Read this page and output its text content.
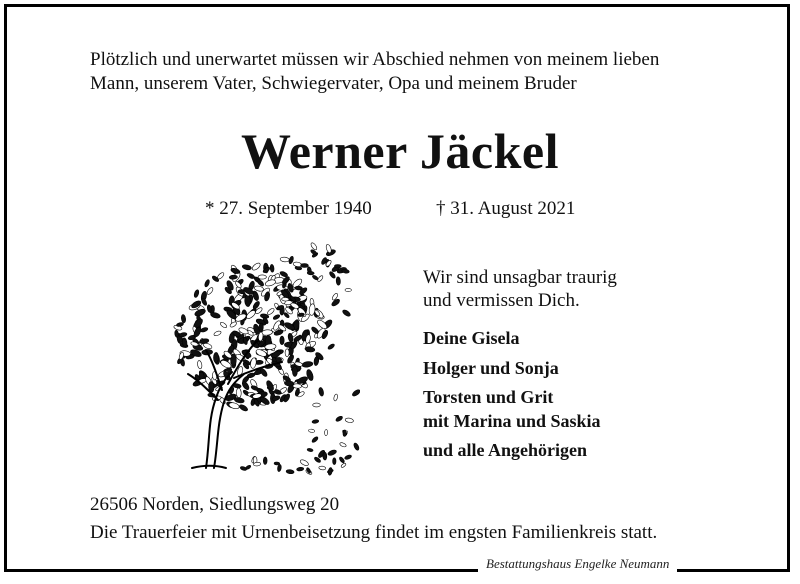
Plötzlich und unerwartet müssen wir Abschied nehmen von meinem lieben
Mann, unserem Vater, Schwiegervater, Opa und meinem Bruder
Werner Jäckel
* 27. September 1940	† 31. August 2021
Wir sind unsagbar traurig
und vermissen Dich.
Deine Gisela
Holger und Sonja
Torsten und Grit
mit Marina und Saskia
und alle Angehörigen
26506 Norden, Siedlungsweg 20
Die Trauerfeier mit Urnenbeisetzung findet im engsten Familienkreis statt.
Bestattungshaus Engelke Neumann
